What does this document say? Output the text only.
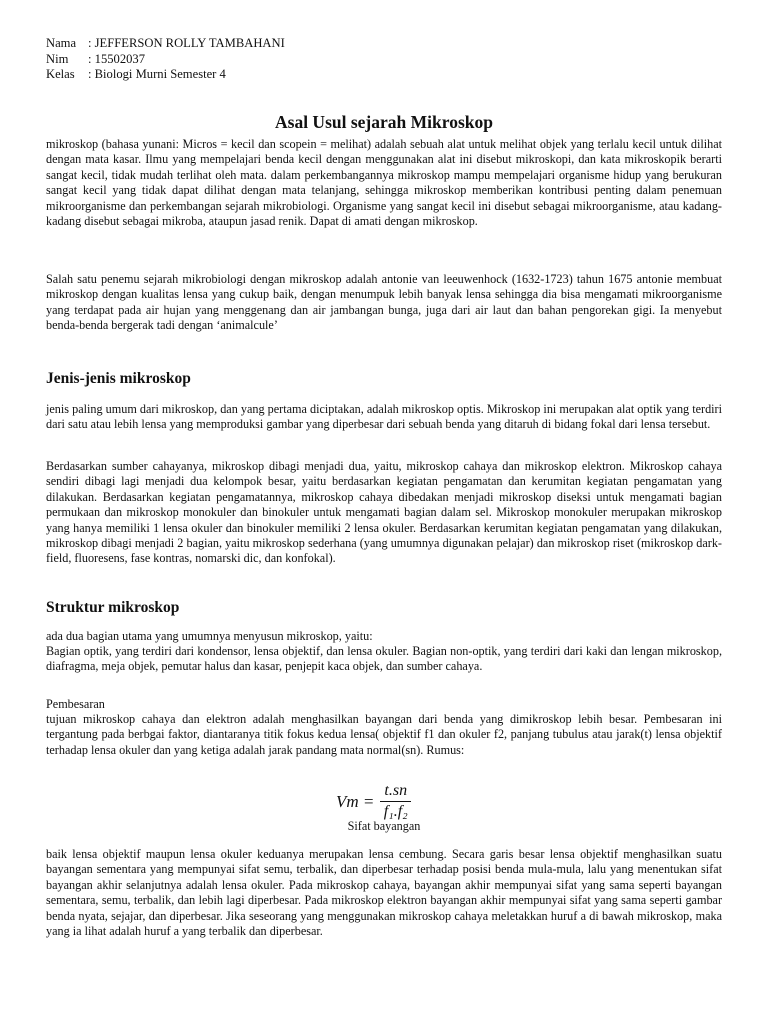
Nama : JEFFERSON ROLLY TAMBAHANI
Nim	: 15502037
Kelas	: Biologi Murni Semester 4
Asal Usul sejarah Mikroskop

mikroskop (bahasa yunani: Micros = kecil dan scopein = melihat) adalah sebuah alat untuk melihat objek yang terlalu kecil untuk dilihat dengan mata kasar. Ilmu yang mempelajari benda kecil dengan menggunakan alat ini disebut mikroskopi, dan kata mikroskopik berarti sangat kecil, tidak mudah terlihat oleh mata. dalam perkembangannya mikroskop mampu mempelajari organisme hidup yang berukuran sangat kecil yang tidak dapat dilihat dengan mata telanjang, sehingga mikroskop memberikan kontribusi penting dalam penemuan mikroorganisme dan perkembangan sejarah mikrobiologi. Organisme yang sangat kecil ini disebut sebagai mikroorganisme, atau kadang-kadang disebut sebagai mikroba, ataupun jasad renik. Dapat di amati dengan mikroskop.

Salah satu penemu sejarah mikrobiologi dengan mikroskop adalah antonie van leeuwenhock (1632-1723) tahun 1675 antonie membuat mikroskop dengan kualitas lensa yang cukup baik, dengan menumpuk lebih banyak lensa sehingga dia bisa mengamati mikroorganisme yang terdapat pada air hujan yang menggenang dan air jambangan bunga, juga dari air laut dan bahan pengorekan gigi. Ia menyebut benda-benda bergerak tadi dengan ‘animalcule’

Jenis-jenis mikroskop

jenis paling umum dari mikroskop, dan yang pertama diciptakan, adalah mikroskop optis. Mikroskop ini merupakan alat optik yang terdiri dari satu atau lebih lensa yang memproduksi gambar yang diperbesar dari sebuah benda yang ditaruh di bidang fokal dari lensa tersebut.

Berdasarkan sumber cahayanya, mikroskop dibagi menjadi dua, yaitu, mikroskop cahaya dan mikroskop elektron. Mikroskop cahaya sendiri dibagi lagi menjadi dua kelompok besar, yaitu berdasarkan kegiatan pengamatan dan kerumitan kegiatan pengamatan yang dilakukan. Berdasarkan kegiatan pengamatannya, mikroskop cahaya dibedakan menjadi mikroskop diseksi untuk mengamati bagian permukaan dan mikroskop monokuler dan binokuler untuk mengamati bagian dalam sel. Mikroskop monokuler merupakan mikroskop yang hanya memiliki 1 lensa okuler dan binokuler memiliki 2 lensa okuler. Berdasarkan kerumitan kegiatan pengamatan yang dilakukan, mikroskop dibagi menjadi 2 bagian, yaitu mikroskop sederhana (yang umumnya digunakan pelajar) dan mikroskop riset (mikroskop dark-field, fluoresens, fase kontras, nomarski dic, dan konfokal).

Struktur mikroskop

ada dua bagian utama yang umumnya menyusun mikroskop, yaitu:

Bagian optik, yang terdiri dari kondensor, lensa objektif, dan lensa okuler. Bagian non-optik, yang terdiri dari kaki dan lengan mikroskop, diafragma, meja objek, pemutar halus dan kasar, penjepit kaca objek, dan sumber cahaya.

Pembesaran

tujuan mikroskop cahaya dan elektron adalah menghasilkan bayangan dari benda yang dimikroskop lebih besar. Pembesaran ini tergantung pada berbgai faktor, diantaranya titik fokus kedua lensa( objektif f1 dan okuler f2, panjang tubulus atau jarak(t) lensa objektif terhadap lensa okuler dan yang ketiga adalah jarak pandang mata normal(sn). Rumus:

$Vm = \frac{t.sn}{\text{f₁.f₂}}$
Sifat bayangan

baik lensa objektif maupun lensa okuler keduanya merupakan lensa cembung. Secara garis besar lensa objektif menghasilkan suatu bayangan sementara yang mempunyai sifat semu, terbalik, dan diperbesar terhadap posisi benda mula-mula, lalu yang menentukan sifat bayangan akhir selanjutnya adalah lensa okuler. Pada mikroskop cahaya, bayangan akhir mempunyai sifat yang sama seperti bayangan sementara, semu, terbalik, dan lebih lagi diperbesar. Pada mikroskop elektron bayangan akhir mempunyai sifat yang sama seperti gambar benda nyata, sejajar, dan diperbesar. Jika seseorang yang menggunakan mikroskop cahaya meletakkan huruf a di bawah mikroskop, maka yang ia lihat adalah huruf a yang terbalik dan diperbesar.
